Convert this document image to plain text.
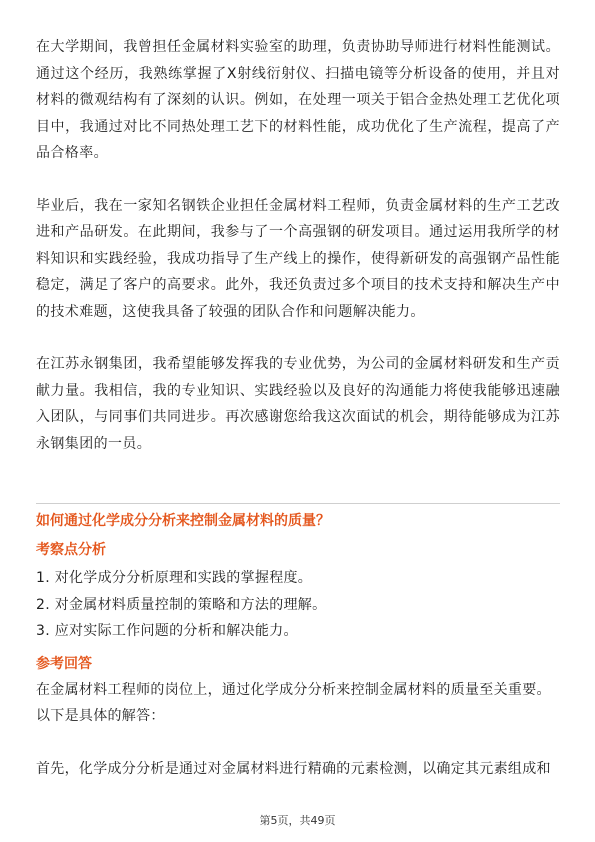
在大学期间，我曾担任金属材料实验室的助理，负责协助导师进行材料性能测试。通过这个经历，我熟练掌握了X射线衍射仪、扫描电镜等分析设备的使用，并且对材料的微观结构有了深刻的认识。例如，在处理一项关于铝合金热处理工艺优化项目中，我通过对比不同热处理工艺下的材料性能，成功优化了生产流程，提高了产品合格率。

毕业后，我在一家知名钢铁企业担任金属材料工程师，负责金属材料的生产工艺改进和产品研发。在此期间，我参与了一个高强钢的研发项目。通过运用我所学的材料知识和实践经验，我成功指导了生产线上的操作，使得新研发的高强钢产品性能稳定，满足了客户的高要求。此外，我还负责过多个项目的技术支持和解决生产中的技术难题，这使我具备了较强的团队合作和问题解决能力。

在江苏永钢集团，我希望能够发挥我的专业优势，为公司的金属材料研发和生产贡献力量。我相信，我的专业知识、实践经验以及良好的沟通能力将使我能够迅速融入团队，与同事们共同进步。再次感谢您给我这次面试的机会，期待能够成为江苏永钢集团的一员。

如何通过化学成分分析来控制金属材料的质量？

考察点分析

1. 对化学成分分析原理和实践的掌握程度。
2. 对金属材料质量控制的策略和方法的理解。
3. 应对实际工作问题的分析和解决能力。

参考回答

在金属材料工程师的岗位上，通过化学成分分析来控制金属材料的质量至关重要。以下是具体的解答：

首先，化学成分分析是通过对金属材料进行精确的元素检测，以确定其元素组成和

第5页，共49页
